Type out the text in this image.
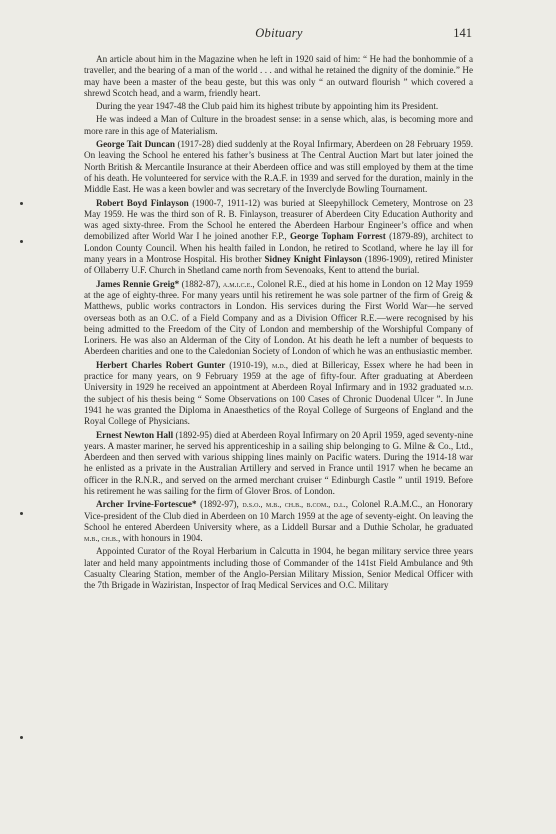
Obituary	141

An article about him in the Magazine when he left in 1920 said of him: “ He had the bonhommie of a traveller, and the bearing of a man of the world . . . and withal he retained the dignity of the dominie.” He may have been a master of the beau geste, but this was only “ an outward flourish ” which covered a shrewd Scotch head, and a warm, friendly heart.

During the year 1947-48 the Club paid him its highest tribute by appointing him its President.

He was indeed a Man of Culture in the broadest sense: in a sense which, alas, is becoming more and more rare in this age of Materialism.

George Tait Duncan (1917-28) died suddenly at the Royal Infirmary, Aberdeen on 28 February 1959. On leaving the School he entered his father’s business at The Central Auction Mart but later joined the North British & Mercantile Insurance at their Aberdeen office and was still employed by them at the time of his death. He volunteered for service with the R.A.F. in 1939 and served for the duration, mainly in the Middle East. He was a keen bowler and was secretary of the Inverclyde Bowling Tournament.

Robert Boyd Finlayson (1900-7, 1911-12) was buried at Sleepyhillock Cemetery, Montrose on 23 May 1959. He was the third son of R. B. Finlayson, treasurer of Aberdeen City Education Authority and was aged sixty-three. From the School he entered the Aberdeen Harbour Engineer’s office and when demobilized after World War I he joined another F.P., George Topham Forrest (1879-89), architect to London County Council. When his health failed in London, he retired to Scotland, where he lay ill for many years in a Montrose Hospital. His brother Sidney Knight Finlayson (1896-1909), retired Minister of Ollaberry U.F. Church in Shetland came north from Sevenoaks, Kent to attend the burial.

James Rennie Greig* (1882-87), a.m.i.c.e., Colonel R.E., died at his home in London on 12 May 1959 at the age of eighty-three. For many years until his retirement he was sole partner of the firm of Greig & Matthews, public works contractors in London. His services during the First World War—he served overseas both as an O.C. of a Field Company and as a Division Officer R.E.—were recognised by his being admitted to the Freedom of the City of London and membership of the Worshipful Company of Loriners. He was also an Alderman of the City of London. At his death he left a number of bequests to Aberdeen charities and one to the Caledonian Society of London of which he was an enthusiastic member.

Herbert Charles Robert Gunter (1910-19), m.d., died at Billericay, Essex where he had been in practice for many years, on 9 February 1959 at the age of fifty-four. After graduating at Aberdeen University in 1929 he received an appointment at Aberdeen Royal Infirmary and in 1932 graduated m.d. the subject of his thesis being “ Some Observations on 100 Cases of Chronic Duodenal Ulcer ”. In June 1941 he was granted the Diploma in Anaesthetics of the Royal College of Surgeons of England and the Royal College of Physicians.

Ernest Newton Hall (1892-95) died at Aberdeen Royal Infirmary on 20 April 1959, aged seventy-nine years. A master mariner, he served his apprenticeship in a sailing ship belonging to G. Milne & Co., Ltd., Aberdeen and then served with various shipping lines mainly on Pacific waters. During the 1914-18 war he enlisted as a private in the Australian Artillery and served in France until 1917 when he became an officer in the R.N.R., and served on the armed merchant cruiser “ Edinburgh Castle ” until 1919. Before his retirement he was sailing for the firm of Glover Bros. of London.

Archer Irvine-Fortescue* (1892-97), d.s.o., m.b., ch.b., b.com., d.l., Colonel R.A.M.C., an Honorary Vice-president of the Club died in Aberdeen on 10 March 1959 at the age of seventy-eight. On leaving the School he entered Aberdeen University where, as a Liddell Bursar and a Duthie Scholar, he graduated m.b., ch.b., with honours in 1904.

Appointed Curator of the Royal Herbarium in Calcutta in 1904, he began military service three years later and held many appointments including those of Commander of the 141st Field Ambulance and 9th Casualty Clearing Station, member of the Anglo-Persian Military Mission, Senior Medical Officer with the 7th Brigade in Waziristan, Inspector of Iraq Medical Services and O.C. Military
